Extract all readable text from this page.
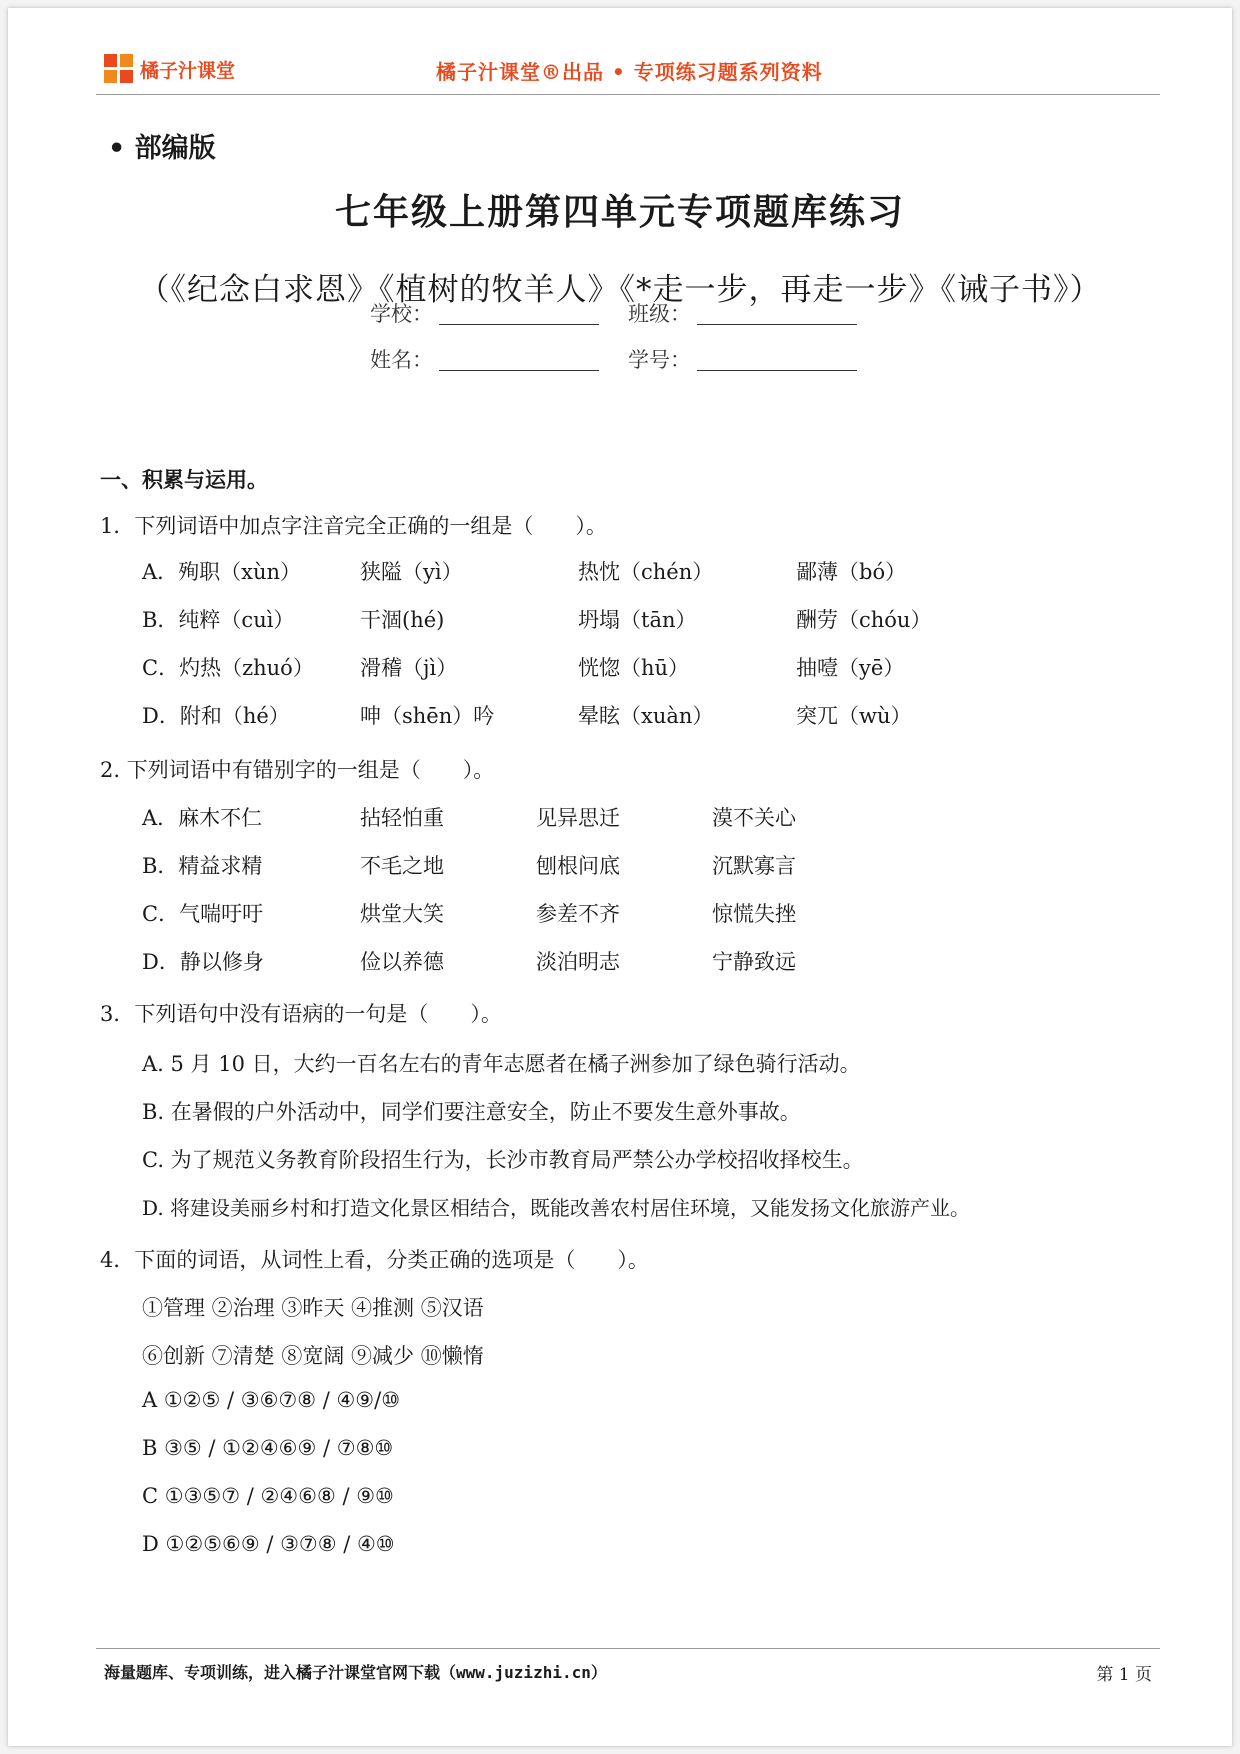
橘子汁课堂	橘子汁课堂®出品 • 专项练习题系列资料
• 部编版
七年级上册第四单元专项题库练习
（《纪念白求恩》《植树的牧羊人》《*走一步，再走一步》《诫子书》）
学校：	班级：
姓名：	学号：
一、积累与运用。
1．下列词语中加点字注音完全正确的一组是（　　）。
A．殉职（xùn）	狭隘（yì）	热忱（chén）	鄙薄（bó）
B．纯粹（cuì）	干涸(hé)	坍塌（tān）	酬劳（chóu）
C．灼热（zhuó） 滑稽（jì）	恍惚（hū）	抽噎（yē）
D．附和（hé）	呻（shēn）吟	晕眩（xuàn）	突兀（wù）
2. 下列词语中有错别字的一组是（　　）。
A．麻木不仁	拈轻怕重	见异思迁	漠不关心
B．精益求精	不毛之地	刨根问底	沉默寡言
C．气喘吁吁	烘堂大笑	参差不齐	惊慌失挫
D．静以修身	俭以养德	淡泊明志	宁静致远
3．下列语句中没有语病的一句是（　　）。
A. 5 月 10 日，大约一百名左右的青年志愿者在橘子洲参加了绿色骑行活动。
B. 在暑假的户外活动中，同学们要注意安全，防止不要发生意外事故。
C. 为了规范义务教育阶段招生行为，长沙市教育局严禁公办学校招收择校生。
D. 将建设美丽乡村和打造文化景区相结合，既能改善农村居住环境，又能发扬文化旅游产业。
4．下面的词语，从词性上看，分类正确的选项是（　　）。
①管理 ②治理 ③昨天 ④推测 ⑤汉语
⑥创新 ⑦清楚 ⑧宽阔 ⑨减少 ⑩懒惰
A ①②⑤ / ③⑥⑦⑧ / ④⑨/⑩
B ③⑤ / ①②④⑥⑨ / ⑦⑧⑩
C ①③⑤⑦ / ②④⑥⑧ / ⑨⑩
D ①②⑤⑥⑨ / ③⑦⑧ / ④⑩
海量题库、专项训练，进入橘子汁课堂官网下载（www.juzizhi.cn）	第 1 页
